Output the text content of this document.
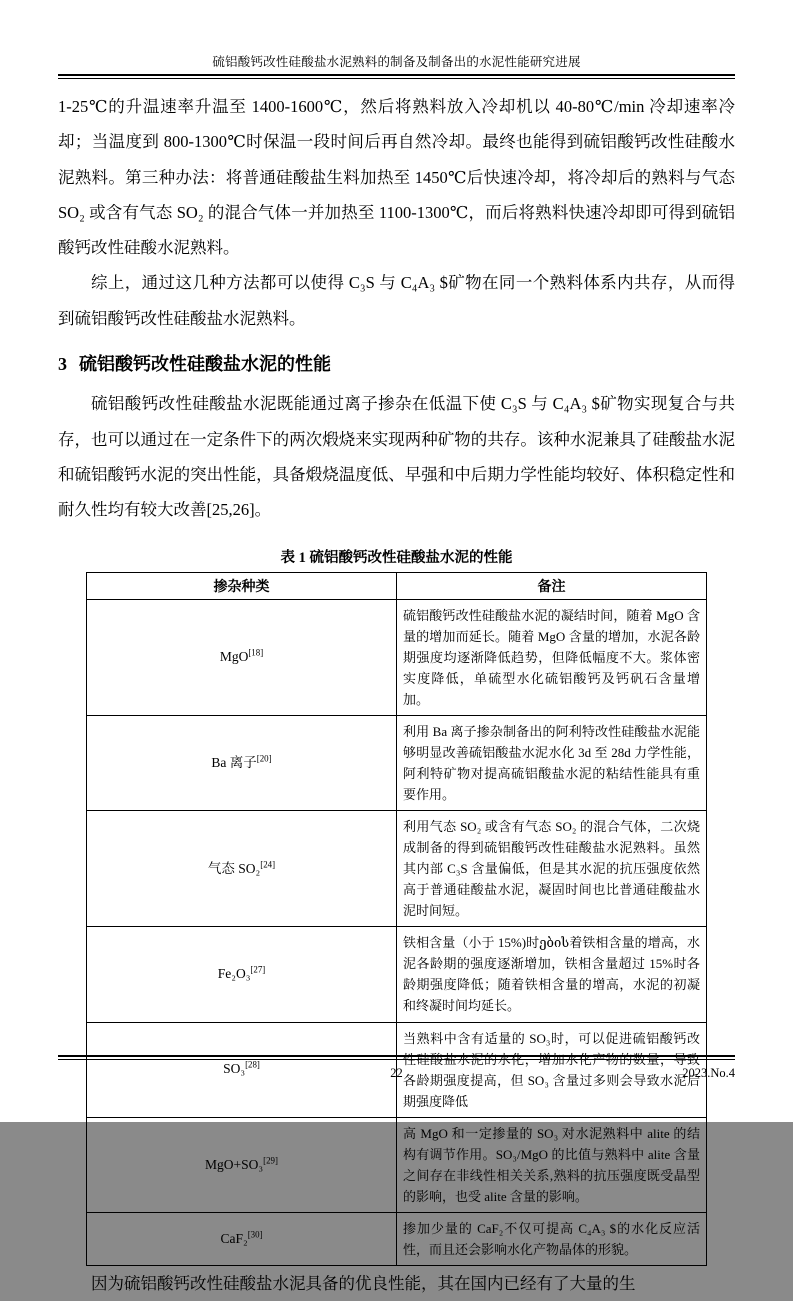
硫铝酸钙改性硅酸盐水泥熟料的制备及制备出的水泥性能研究进展

1-25℃的升温速率升温至 1400-1600℃，然后将熟料放入冷却机以 40-80℃/min 冷却速率冷却；当温度到 800-1300℃时保温一段时间后再自然冷却。最终也能得到硫铝酸钙改性硅酸水泥熟料。第三种办法：将普通硅酸盐生料加热至 1450℃后快速冷却，将冷却后的熟料与气态 SO₂ 或含有气态 SO₂ 的混合气体一并加热至 1100-1300℃，而后将熟料快速冷却即可得到硫铝酸钙改性硅酸水泥熟料。

综上，通过这几种方法都可以使得 C₃S 与 C₄A₃ $矿物在同一个熟料体系内共存，从而得到硫铝酸钙改性硅酸盐水泥熟料。

3 硫铝酸钙改性硅酸盐水泥的性能

硫铝酸钙改性硅酸盐水泥既能通过离子掺杂在低温下使 C₃S 与 C₄A₃ $矿物实现复合与共存，也可以通过在一定条件下的两次煅烧来实现两种矿物的共存。该种水泥兼具了硅酸盐水泥和硫铝酸钙水泥的突出性能，具备煅烧温度低、早强和中后期力学性能均较好、体积稳定性和耐久性均有较大改善[25,26]。

表 1 硫铝酸钙改性硅酸盐水泥的性能
掺杂种类	备注
MgO[18]	硫铝酸钙改性硅酸盐水泥的凝结时间，随着 MgO 含量的增加而延长。随着 MgO 含量的增加，水泥各龄期强度均逐渐降低趋势，但降低幅度不大。浆体密实度降低，单硫型水化硫铝酸钙及钙矾石含量增加。
Ba 离子[20]	利用 Ba 离子掺杂制备出的阿利特改性硅酸盐水泥能够明显改善硫铝酸盐水泥水化 3d 至 28d 力学性能，阿利特矿物对提高硫铝酸盐水泥的粘结性能具有重要作用。
气态 SO₂[24]	利用气态 SO₂ 或含有气态 SO₂ 的混合气体，二次烧成制备的得到硫铝酸钙改性硅酸盐水泥熟料。虽然其内部 C₃S 含量偏低，但是其水泥的抗压强度依然高于普通硅酸盐水泥，凝固时间也比普通硅酸盐水泥时间短。
Fe₂O₃[27]	铁相含量（小于 15%)时ების着铁相含量的增高，水泥各龄期的强度逐渐增加，铁相含量超过 15%时各龄期强度降低；随着铁相含量的增高，水泥的初凝和终凝时间均延长。
SO₃[28]	当熟料中含有适量的 SO₃时，可以促进硫铝酸钙改性硅酸盐水泥的水化，增加水化产物的数量，导致各龄期强度提高，但 SO₃ 含量过多则会导致水泥后期强度降低
MgO+SO₃[29]	高 MgO 和一定掺量的 SO₃ 对水泥熟料中 alite 的结构有调节作用。SO₃/MgO 的比值与熟料中 alite 含量之间存在非线性相关关系,熟料的抗压强度既受晶型的影响，也受 alite 含量的影响。
CaF₂[30]	掺加少量的 CaF₂不仅可提高 C₄A₃ $的水化反应活性，而且还会影响水化产物晶体的形貌。

因为硫铝酸钙改性硅酸盐水泥具备的优良性能，其在国内已经有了大量的生

22	2023.No.4
